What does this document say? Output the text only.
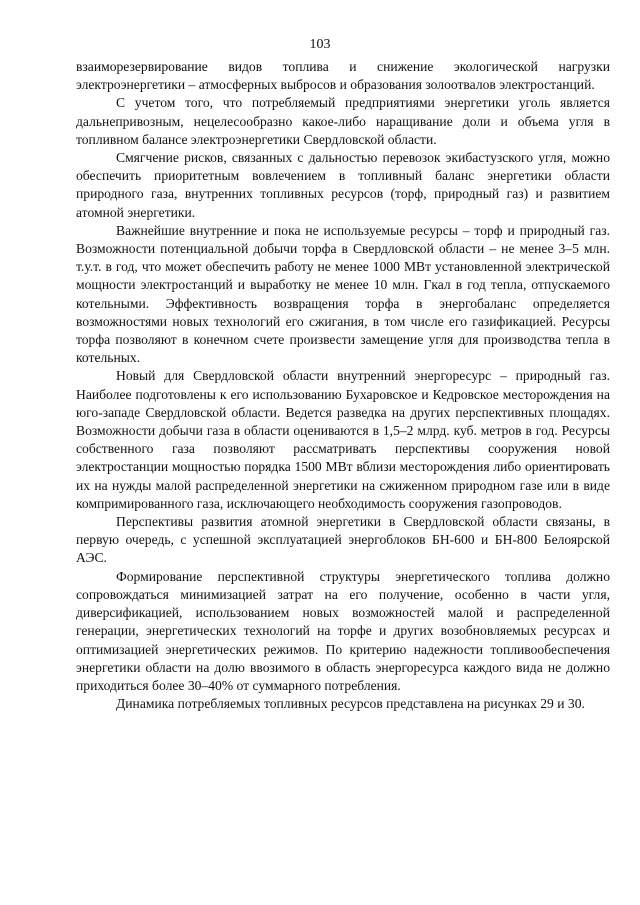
103

взаиморезервирование видов топлива и снижение экологической нагрузки электроэнергетики – атмосферных выбросов и образования золоотвалов электростанций.

С учетом того, что потребляемый предприятиями энергетики уголь является дальнепривозным, нецелесообразно какое-либо наращивание доли и объема угля в топливном балансе электроэнергетики Свердловской области.

Смягчение рисков, связанных с дальностью перевозок экибастузского угля, можно обеспечить приоритетным вовлечением в топливный баланс энергетики области природного газа, внутренних топливных ресурсов (торф, природный газ) и развитием атомной энергетики.

Важнейшие внутренние и пока не используемые ресурсы – торф и природный газ. Возможности потенциальной добычи торфа в Свердловской области – не менее 3–5 млн. т.у.т. в год, что может обеспечить работу не менее 1000 МВт установленной электрической мощности электростанций и выработку не менее 10 млн. Гкал в год тепла, отпускаемого котельными. Эффективность возвращения торфа в энергобаланс определяется возможностями новых технологий его сжигания, в том числе его газификацией. Ресурсы торфа позволяют в конечном счете произвести замещение угля для производства тепла в котельных.

Новый для Свердловской области внутренний энергоресурс – природный газ. Наиболее подготовлены к его использованию Бухаровское и Кедровское месторождения на юго-западе Свердловской области. Ведется разведка на других перспективных площадях. Возможности добычи газа в области оцениваются в 1,5–2 млрд. куб. метров в год. Ресурсы собственного газа позволяют рассматривать перспективы сооружения новой электростанции мощностью порядка 1500 МВт вблизи месторождения либо ориентировать их на нужды малой распределенной энергетики на сжиженном природном газе или в виде компримированного газа, исключающего необходимость сооружения газопроводов.

Перспективы развития атомной энергетики в Свердловской области связаны, в первую очередь, с успешной эксплуатацией энергоблоков БН-600 и БН-800 Белоярской АЭС.

Формирование перспективной структуры энергетического топлива должно сопровождаться минимизацией затрат на его получение, особенно в части угля, диверсификацией, использованием новых возможностей малой и распределенной генерации, энергетических технологий на торфе и других возобновляемых ресурсах и оптимизацией энергетических режимов. По критерию надежности топливообеспечения энергетики области на долю ввозимого в область энергоресурса каждого вида не должно приходиться более 30–40% от суммарного потребления.

Динамика потребляемых топливных ресурсов представлена на рисунках 29 и 30.
